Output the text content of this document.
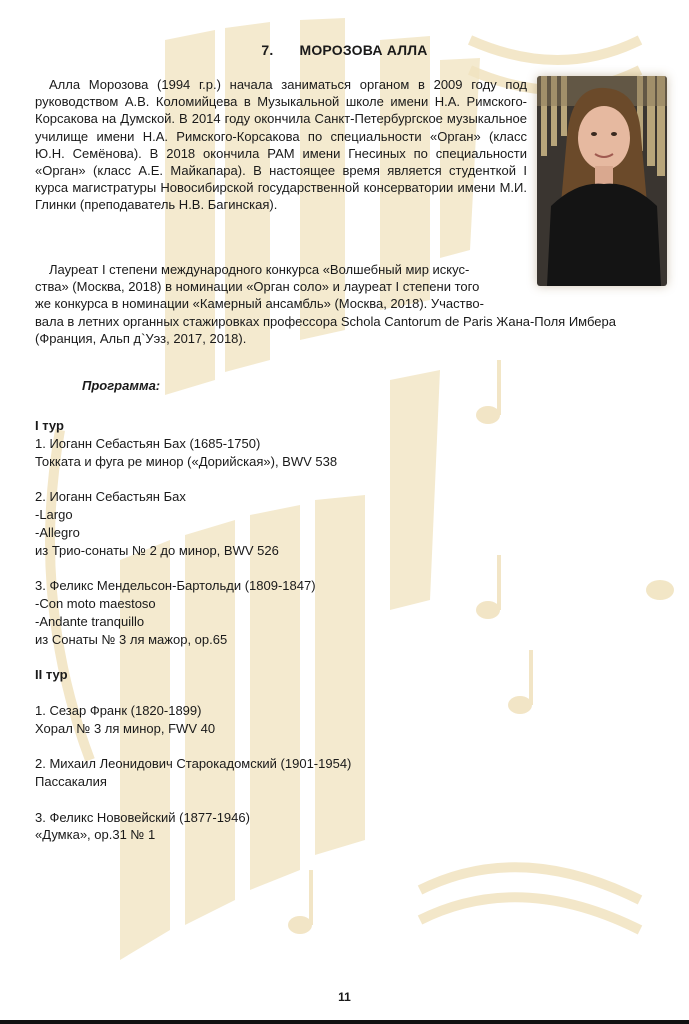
7. МОРОЗОВА АЛЛА

Алла Морозова (1994 г.р.) начала заниматься органом в 2009 году под руководством А.В. Коломийцева в Музыкальной школе имени Н.А. Римского-Корсакова на Думской. В 2014 году окончила Санкт-Петербургское музыкальное училище имени Н.А. Римского-Корсакова по специальности «Орган» (класс Ю.Н. Семёнова). В 2018 окончила РАМ имени Гнесиных по специальности «Орган» (класс А.Е. Майкапара). В настоящее время является студенткой I курса магистратуры Новосибирской государственной консерватории имени М.И. Глинки (преподаватель Н.В. Багинская).

Лауреат I степени международного конкурса «Волшебный мир искус-
ства» (Москва, 2018) в номинации «Орган соло» и лауреат I степени того
же конкурса в номинации «Камерный ансамбль» (Москва, 2018). Участво-
вала в летних органных стажировках профессора Schola Cantorum de Paris Жана-Поля Имбера
(Франция, Альп д`Уэз, 2017, 2018).
Программа:
I тур
1. Иоганн Себастьян Бах (1685-1750)
Токката и фуга ре минор («Дорийская»), BWV 538
2. Иоганн Себастьян Бах
-Largo
-Allegro
из Трио-сонаты № 2 до минор, BWV 526
3. Феликс Мендельсон-Бартольди (1809-1847)
-Con moto maestoso
-Andante tranquillo
из Сонаты № 3 ля мажор, ор.65
II тур
1. Сезар Франк (1820-1899)
Хорал № 3 ля минор, FWV 40
2. Михаил Леонидович Старокадомский (1901-1954)
Пассакалия
3. Феликс Нововейский (1877-1946)
«Думка», ор.31 № 1
11
